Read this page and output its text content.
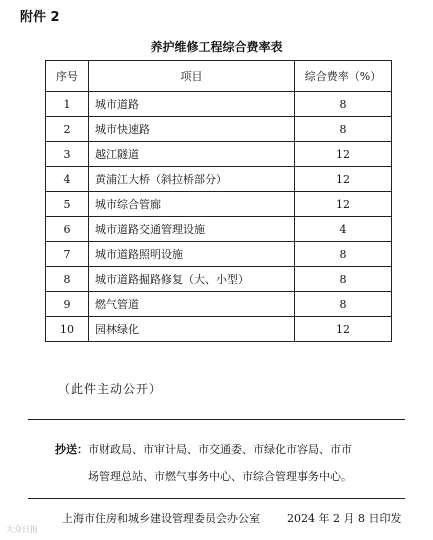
附件 2
养护维修工程综合费率表
序号	项目	综合费率（%）
1	城市道路	8
2	城市快速路	8
3	越江隧道	12
4	黄浦江大桥（斜拉桥部分）	12
5	城市综合管廊	12
6	城市道路交通管理设施	4
7	城市道路照明设施	8
8	城市道路掘路修复（大、小型）	8
9	燃气管道	8
10	园林绿化	12
（此件主动公开）
抄送：市财政局、市审计局、市交通委、市绿化市容局、市市
场管理总站、市燃气事务中心、市综合管理事务中心。
上海市住房和城乡建设管理委员会办公室 2024 年 2 月 8 日印发
大众日报
